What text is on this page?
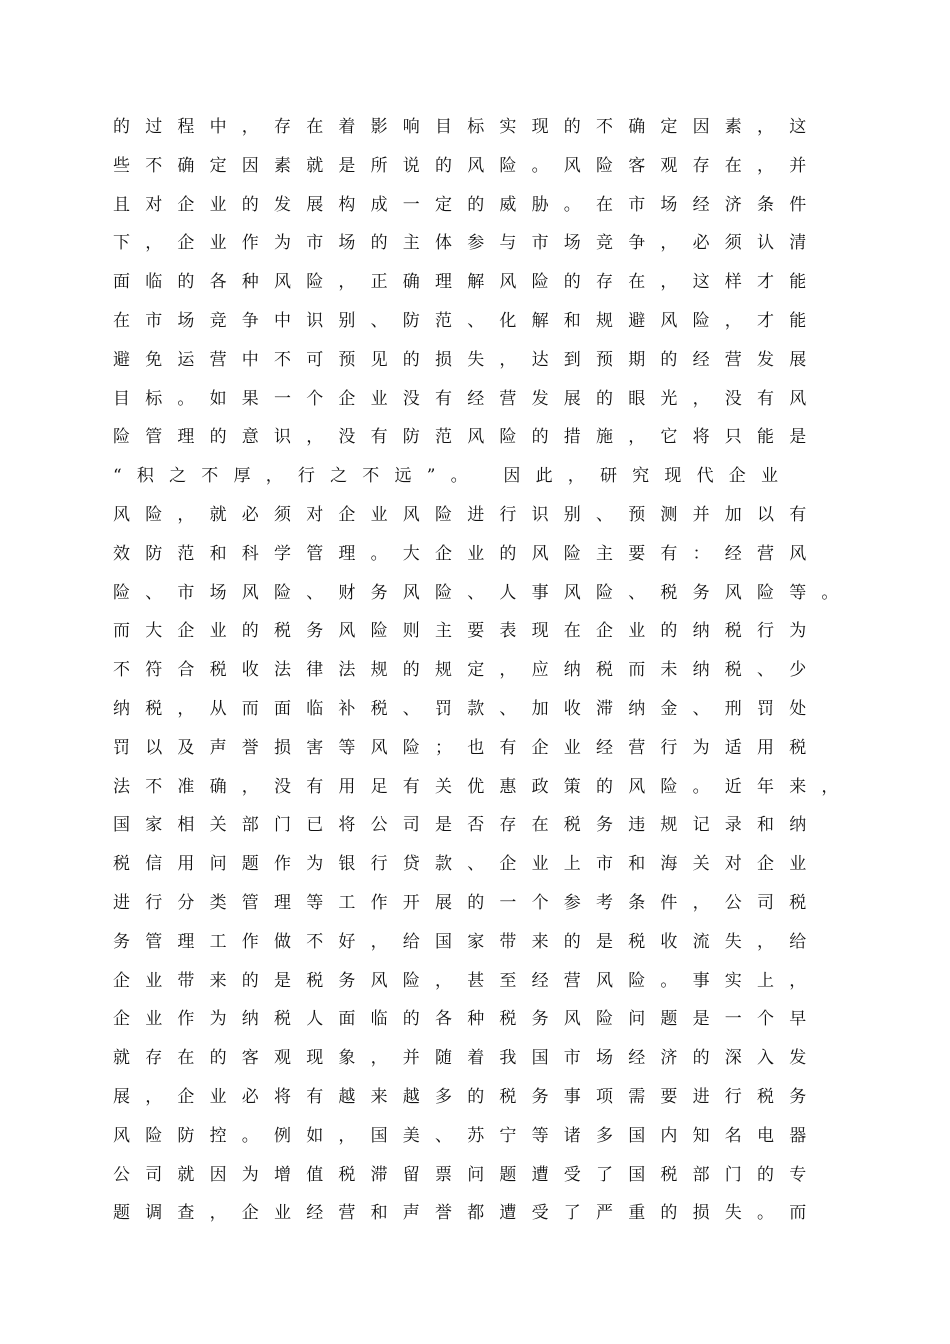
的过程中，存在着影响目标实现的不确定因素，这
些不确定因素就是所说的风险。风险客观存在，并
且对企业的发展构成一定的威胁。在市场经济条件
下，企业作为市场的主体参与市场竞争，必须认清
面临的各种风险，正确理解风险的存在，这样才能
在市场竞争中识别、防范、化解和规避风险，才能
避免运营中不可预见的损失，达到预期的经营发展
目标。如果一个企业没有经营发展的眼光，没有风
险管理的意识，没有防范风险的措施，它将只能是
“积之不厚，行之不远”。 因此，研究现代企业
风险，就必须对企业风险进行识别、预测并加以有
效防范和科学管理。大企业的风险主要有：经营风
险、市场风险、财务风险、人事风险、税务风险等。
而大企业的税务风险则主要表现在企业的纳税行为
不符合税收法律法规的规定，应纳税而未纳税、少
纳税，从而面临补税、罚款、加收滞纳金、刑罚处
罚以及声誉损害等风险；也有企业经营行为适用税
法不准确，没有用足有关优惠政策的风险。近年来，
国家相关部门已将公司是否存在税务违规记录和纳
税信用问题作为银行贷款、企业上市和海关对企业
进行分类管理等工作开展的一个参考条件，公司税
务管理工作做不好，给国家带来的是税收流失，给
企业带来的是税务风险，甚至经营风险。事实上，
企业作为纳税人面临的各种税务风险问题是一个早
就存在的客观现象，并随着我国市场经济的深入发
展，企业必将有越来越多的税务事项需要进行税务
风险防控。例如，国美、苏宁等诸多国内知名电器
公司就因为增值税滞留票问题遭受了国税部门的专
题调查，企业经营和声誉都遭受了严重的损失。而
